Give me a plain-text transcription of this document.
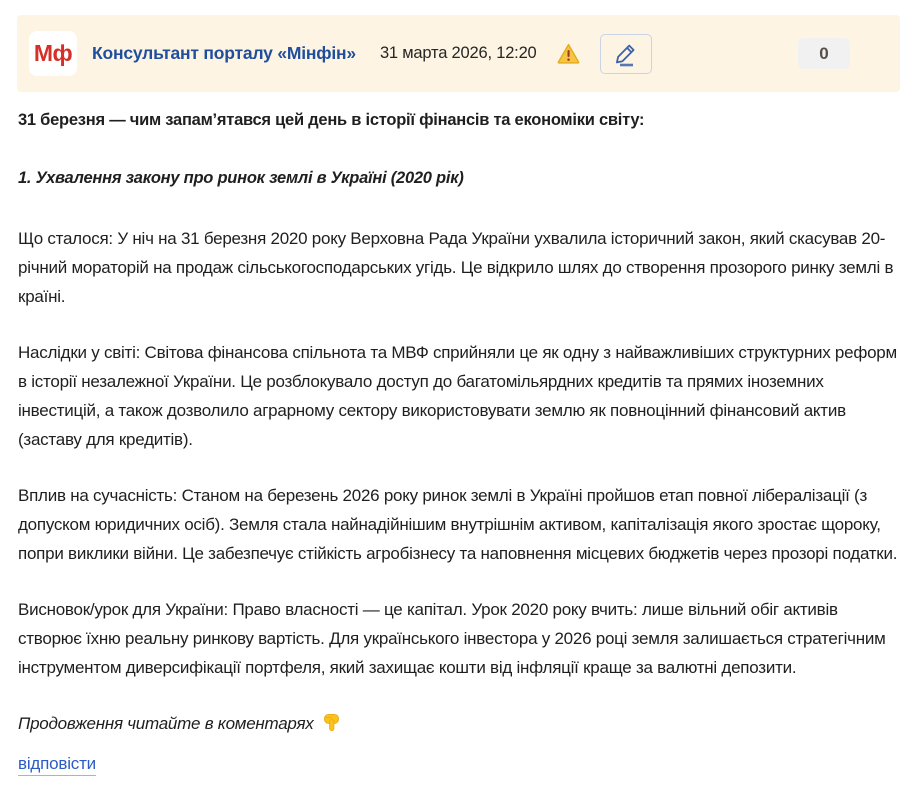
Мф Консультант порталу «Мінфін» 31 марта 2026, 12:20	0

31 березня — чим запам’ятався цей день в історії фінансів та економіки світу:

1. Ухвалення закону про ринок землі в Україні (2020 рік)

Що сталося: У ніч на 31 березня 2020 року Верховна Рада України ухвалила історичний закон, який скасував 20-річний мораторій на продаж сільськогосподарських угідь. Це відкрило шлях до створення прозорого ринку землі в країні.

Наслідки у світі: Світова фінансова спільнота та МВФ сприйняли це як одну з найважливіших структурних реформ в історії незалежної України. Це розблокувало доступ до багатомільярдних кредитів та прямих іноземних інвестицій, а також дозволило аграрному сектору використовувати землю як повноцінний фінансовий актив (заставу для кредитів).

Вплив на сучасність: Станом на березень 2026 року ринок землі в Україні пройшов етап повної лібералізації (з допуском юридичних осіб). Земля стала найнадійнішим внутрішнім активом, капіталізація якого зростає щороку, попри виклики війни. Це забезпечує стійкість агробізнесу та наповнення місцевих бюджетів через прозорі податки.

Висновок/урок для України: Право власності — це капітал. Урок 2020 року вчить: лише вільний обіг активів створює їхню реальну ринкову вартість. Для українського інвестора у 2026 році земля залишається стратегічним інструментом диверсифікації портфеля, який захищає кошти від інфляції краще за валютні депозити.

Продовження читайте в коментарях

відповісти
